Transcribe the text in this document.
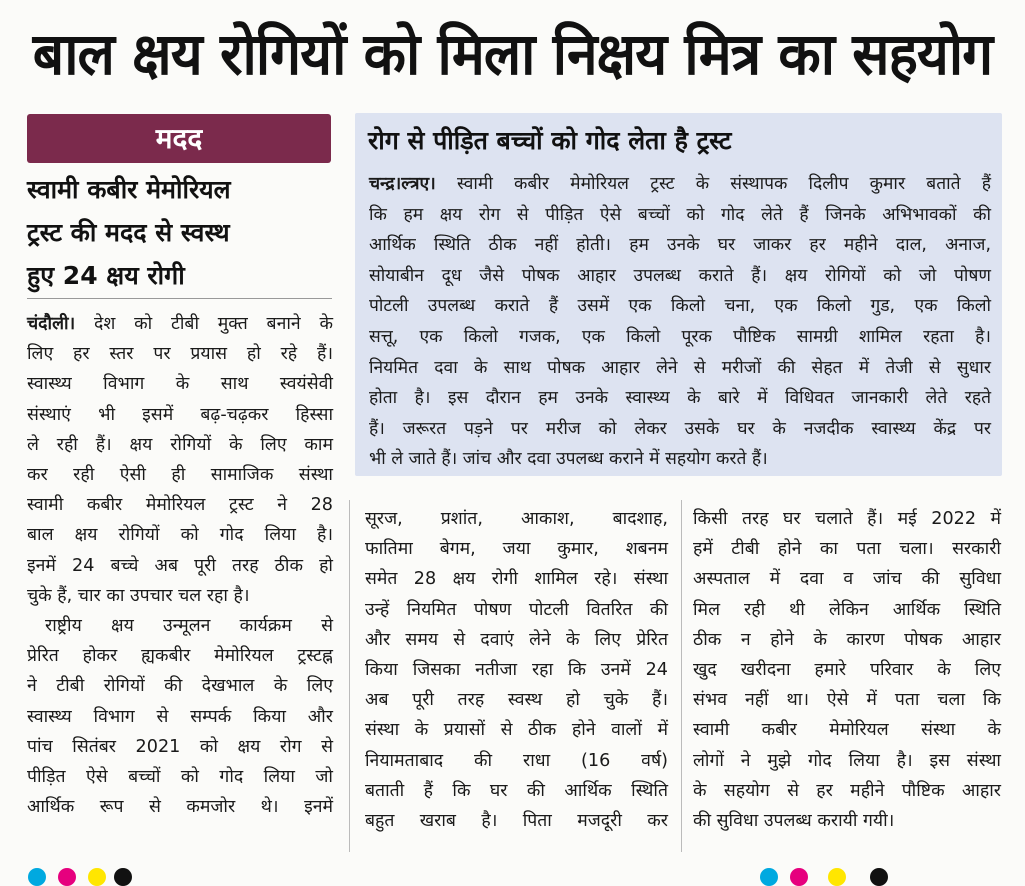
बाल क्षय रोगियों को मिला निक्षय मित्र का सहयोग
मदद
स्वामी कबीर मेमोरियल
ट्रस्ट की मदद से स्वस्थ
हुए 24 क्षय रोगी
चंदौली। देश को टीबी मुक्त बनाने के
लिए हर स्तर पर प्रयास हो रहे हैं।
स्वास्थ्य विभाग के साथ स्वयंसेवी
संस्थाएं भी इसमें बढ़-चढ़कर हिस्सा
ले रही हैं। क्षय रोगियों के लिए काम
कर रही ऐसी ही सामाजिक संस्था
स्वामी कबीर मेमोरियल ट्रस्ट ने 28
बाल क्षय रोगियों को गोद लिया है।
इनमें 24 बच्चे अब पूरी तरह ठीक हो
चुके हैं, चार का उपचार चल रहा है।
राष्ट्रीय क्षय उन्मूलन कार्यक्रम से
प्रेरित होकर ह्यकबीर मेमोरियल ट्रस्टह्न
ने टीबी रोगियों की देखभाल के लिए
स्वास्थ्य विभाग से सम्पर्क किया और
पांच सितंबर 2021 को क्षय रोग से
पीड़ित ऐसे बच्चों को गोद लिया जो
आर्थिक रूप से कमजोर थे। इनमें
रोग से पीड़ित बच्चों को गोद लेता है ट्रस्ट
चन्द्र।ल्त्रए। स्वामी कबीर मेमोरियल ट्रस्ट के संस्थापक दिलीप कुमार बताते हैं
कि हम क्षय रोग से पीड़ित ऐसे बच्चों को गोद लेते हैं जिनके अभिभावकों की
आर्थिक स्थिति ठीक नहीं होती। हम उनके घर जाकर हर महीने दाल, अनाज,
सोयाबीन दूध जैसे पोषक आहार उपलब्ध कराते हैं। क्षय रोगियों को जो पोषण
पोटली उपलब्ध कराते हैं उसमें एक किलो चना, एक किलो गुड, एक किलो
सत्तू, एक किलो गजक, एक किलो पूरक पौष्टिक सामग्री शामिल रहता है।
नियमित दवा के साथ पोषक आहार लेने से मरीजों की सेहत में तेजी से सुधार
होता है। इस दौरान हम उनके स्वास्थ्य के बारे में विधिवत जानकारी लेते रहते
हैं। जरूरत पड़ने पर मरीज को लेकर उसके घर के नजदीक स्वास्थ्य केंद्र पर
भी ले जाते हैं। जांच और दवा उपलब्ध कराने में सहयोग करते हैं।
सूरज, प्रशांत, आकाश, बादशाह,
फातिमा बेगम, जया कुमार, शबनम
समेत 28 क्षय रोगी शामिल रहे। संस्था
उन्हें नियमित पोषण पोटली वितरित की
और समय से दवाएं लेने के लिए प्रेरित
किया जिसका नतीजा रहा कि उनमें 24
अब पूरी तरह स्वस्थ हो चुके हैं।
संस्था के प्रयासों से ठीक होने वालों में
नियामताबाद की राधा (16 वर्ष)
बताती हैं कि घर की आर्थिक स्थिति
बहुत खराब है। पिता मजदूरी कर
किसी तरह घर चलाते हैं। मई 2022 में
हमें टीबी होने का पता चला। सरकारी
अस्पताल में दवा व जांच की सुविधा
मिल रही थी लेकिन आर्थिक स्थिति
ठीक न होने के कारण पोषक आहार
खुद खरीदना हमारे परिवार के लिए
संभव नहीं था। ऐसे में पता चला कि
स्वामी कबीर मेमोरियल संस्था के
लोगों ने मुझे गोद लिया है। इस संस्था
के सहयोग से हर महीने पौष्टिक आहार
की सुविधा उपलब्ध करायी गयी।
